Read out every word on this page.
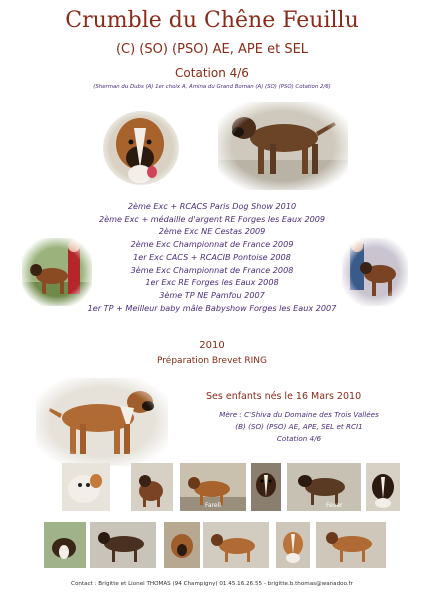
Crumble du Chêne Feuillu
(C) (SO) (PSO) AE, APE et SEL
Cotation 4/6
(Sherman du Dubs (A) 1er choix A, Amina du Grand Boman (A) (SO) (PSO) Cotation 2/6)
2ème Exc + RCACS Paris Dog Show 2010
2ème Exc + médaille d'argent RE Forges les Eaux 2009
2ème Exc NE Cestas 2009
2ème Exc Championnat de France 2009
1er Exc CACS + RCACIB Pontoise 2008
3ème Exc Championnat de France 2008
1er Exc RE Forges les Eaux 2008
3ème TP NE Pamfou 2007
1er TP + Meilleur baby mâle Babyshow Forges les Eaux 2007
2010
Préparation Brevet RING
Ses enfants nés le 16 Mars 2010
Mère : C'Shiva du Domaine des Trois Vallées
(B) (SO) (PSO) AE, APE, SEL et RCI1
Cotation 4/6
Farell	Fever
Contact : Brigitte et Lionel THOMAS (94 Champigny) 01.45.16.26.55 - brigitte.b.thomas@wanadoo.fr
